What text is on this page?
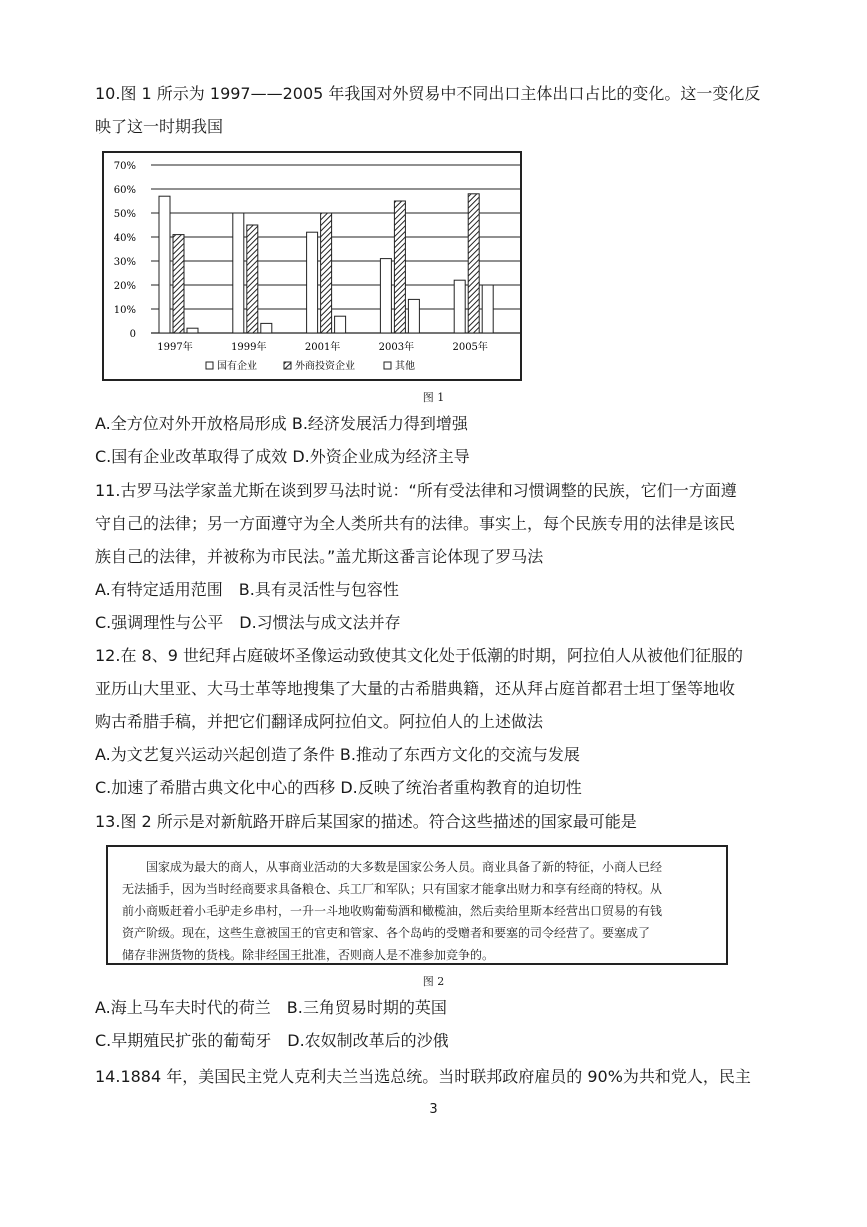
10.图 1 所示为 1997——2005 年我国对外贸易中不同出口主体出口占比的变化。这一变化反
映了这一时期我国
70%
60%
50%
40%
30%
20%
10%
0
1997年	1999年	2001年	2003年	2005年
国有企业	外商投资企业	其他
图 1
A.全方位对外开放格局形成 B.经济发展活力得到增强
C.国有企业改革取得了成效 D.外资企业成为经济主导
11.古罗马法学家盖尤斯在谈到罗马法时说：“所有受法律和习惯调整的民族，它们一方面遵
守自己的法律；另一方面遵守为全人类所共有的法律。事实上，每个民族专用的法律是该民
族自己的法律，并被称为市民法。”盖尤斯这番言论体现了罗马法
A.有特定适用范围　B.具有灵活性与包容性
C.强调理性与公平　D.习惯法与成文法并存
12.在 8、9 世纪拜占庭破坏圣像运动致使其文化处于低潮的时期，阿拉伯人从被他们征服的
亚历山大里亚、大马士革等地搜集了大量的古希腊典籍，还从拜占庭首都君士坦丁堡等地收
购古希腊手稿，并把它们翻译成阿拉伯文。阿拉伯人的上述做法
A.为文艺复兴运动兴起创造了条件 B.推动了东西方文化的交流与发展
C.加速了希腊古典文化中心的西移 D.反映了统治者重构教育的迫切性
13.图 2 所示是对新航路开辟后某国家的描述。符合这些描述的国家最可能是
　　国家成为最大的商人，从事商业活动的大多数是国家公务人员。商业具备了新的特征，小商人已经
无法插手，因为当时经商要求具备粮仓、兵工厂和军队；只有国家才能拿出财力和享有经商的特权。从
前小商贩赶着小毛驴走乡串村，一升一斗地收购葡萄酒和橄榄油，然后卖给里斯本经营出口贸易的有钱
资产阶级。现在，这些生意被国王的官吏和管家、各个岛屿的受赠者和要塞的司令经营了。要塞成了
储存非洲货物的货栈。除非经国王批准，否则商人是不准参加竞争的。
图 2
A.海上马车夫时代的荷兰　B.三角贸易时期的英国
C.早期殖民扩张的葡萄牙　D.农奴制改革后的沙俄
14.1884 年，美国民主党人克利夫兰当选总统。当时联邦政府雇员的 90%为共和党人，民主
3
